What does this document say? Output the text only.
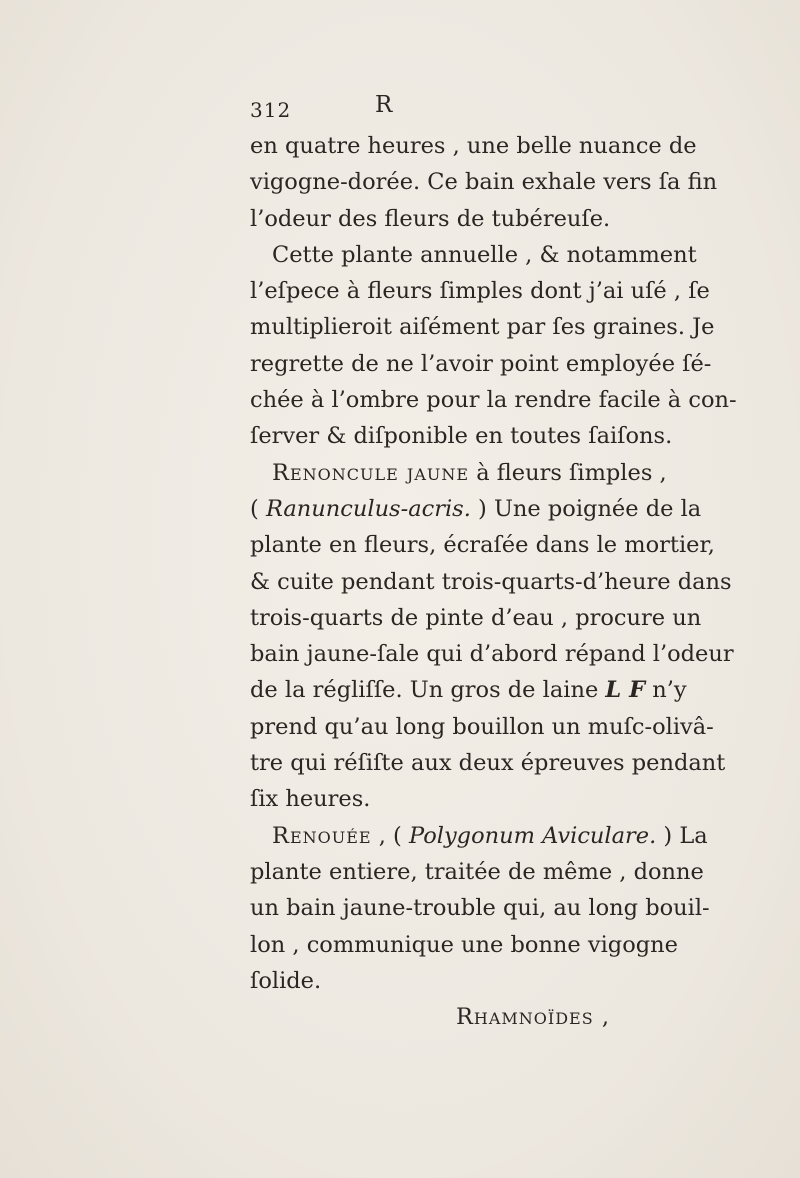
312	R
en quatre heures , une belle nuance de
vigogne-dorée. Ce bain exhale vers ſa fin
l’odeur des fleurs de tubéreuſe.
Cette plante annuelle , & notamment
l’eſpece à fleurs ſimples dont j’ai uſé , ſe
multiplieroit aiſément par ſes graines. Je
regrette de ne l’avoir point employée ſé-
chée à l’ombre pour la rendre facile à con-
ſerver & diſponible en toutes ſaiſons.
Renoncule jaune à fleurs ſimples ,
( Ranunculus-acris. ) Une poignée de la
plante en fleurs, écraſée dans le mortier,
& cuite pendant trois-quarts-d’heure dans
trois-quarts de pinte d’eau , procure un
bain jaune-ſale qui d’abord répand l’odeur
de la régliſſe. Un gros de laine L F n’y
prend qu’au long bouillon un muſc-olivâ-
tre qui réſiſte aux deux épreuves pendant
ſix heures.
Renouée , ( Polygonum Aviculare. ) La
plante entiere, traitée de même , donne
un bain jaune-trouble qui, au long bouil-
lon , communique une bonne vigogne
ſolide.
Rhamnoïdes ,
